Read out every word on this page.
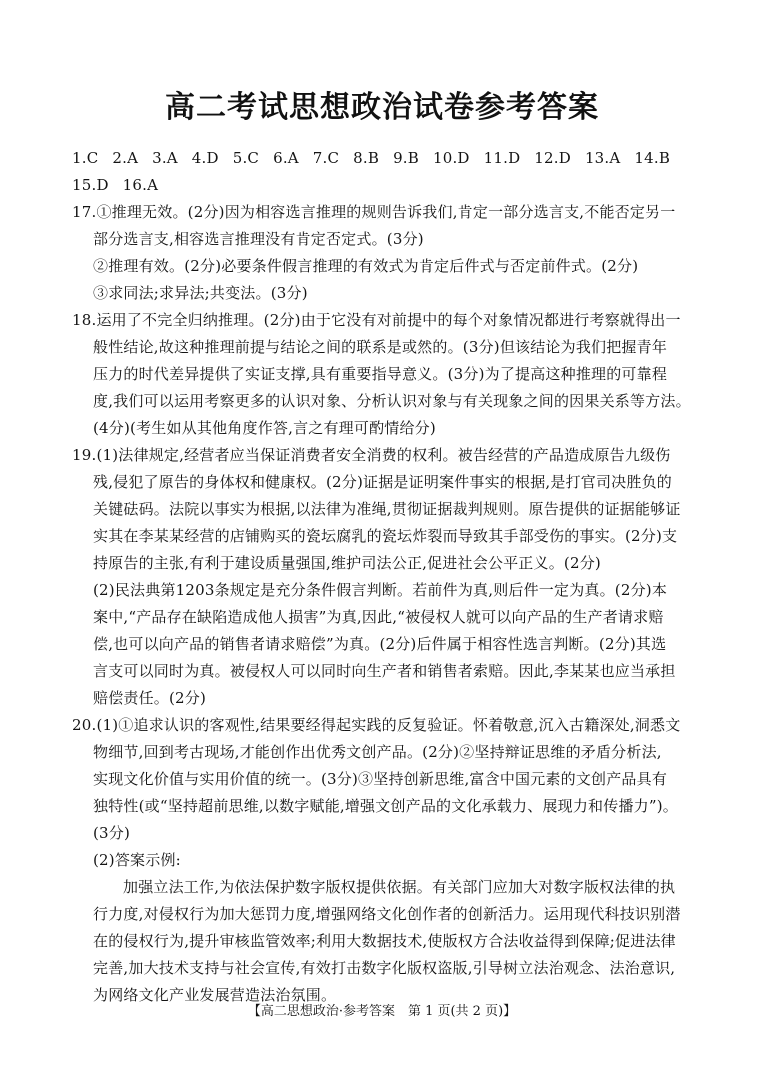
高二考试思想政治试卷参考答案
1.C 2.A 3.A 4.D 5.C 6.A 7.C 8.B 9.B 10.D 11.D 12.D 13.A 14.B
15.D 16.A
17.①推理无效。(2分)因为相容选言推理的规则告诉我们,肯定一部分选言支,不能否定另一
部分选言支,相容选言推理没有肯定否定式。(3分)
②推理有效。(2分)必要条件假言推理的有效式为肯定后件式与否定前件式。(2分)
③求同法;求异法;共变法。(3分)
18.运用了不完全归纳推理。(2分)由于它没有对前提中的每个对象情况都进行考察就得出一
般性结论,故这种推理前提与结论之间的联系是或然的。(3分)但该结论为我们把握青年
压力的时代差异提供了实证支撑,具有重要指导意义。(3分)为了提高这种推理的可靠程
度,我们可以运用考察更多的认识对象、分析认识对象与有关现象之间的因果关系等方法。
(4分)(考生如从其他角度作答,言之有理可酌情给分)
19.(1)法律规定,经营者应当保证消费者安全消费的权利。被告经营的产品造成原告九级伤
残,侵犯了原告的身体权和健康权。(2分)证据是证明案件事实的根据,是打官司决胜负的
关键砝码。法院以事实为根据,以法律为准绳,贯彻证据裁判规则。原告提供的证据能够证
实其在李某某经营的店铺购买的瓷坛腐乳的瓷坛炸裂而导致其手部受伤的事实。(2分)支
持原告的主张,有利于建设质量强国,维护司法公正,促进社会公平正义。(2分)
(2)民法典第1203条规定是充分条件假言判断。若前件为真,则后件一定为真。(2分)本
案中,“产品存在缺陷造成他人损害”为真,因此,“被侵权人就可以向产品的生产者请求赔
偿,也可以向产品的销售者请求赔偿”为真。(2分)后件属于相容性选言判断。(2分)其选
言支可以同时为真。被侵权人可以同时向生产者和销售者索赔。因此,李某某也应当承担
赔偿责任。(2分)
20.(1)①追求认识的客观性,结果要经得起实践的反复验证。怀着敬意,沉入古籍深处,洞悉文
物细节,回到考古现场,才能创作出优秀文创产品。(2分)②坚持辩证思维的矛盾分析法,
实现文化价值与实用价值的统一。(3分)③坚持创新思维,富含中国元素的文创产品具有
独特性(或“坚持超前思维,以数字赋能,增强文创产品的文化承载力、展现力和传播力”)。
(3分)
(2)答案示例:
加强立法工作,为依法保护数字版权提供依据。有关部门应加大对数字版权法律的执
行力度,对侵权行为加大惩罚力度,增强网络文化创作者的创新活力。运用现代科技识别潜
在的侵权行为,提升审核监管效率;利用大数据技术,使版权方合法收益得到保障;促进法律
完善,加大技术支持与社会宣传,有效打击数字化版权盗版,引导树立法治观念、法治意识,
为网络文化产业发展营造法治氛围。
【高二思想政治·参考答案　第 1 页(共 2 页)】
